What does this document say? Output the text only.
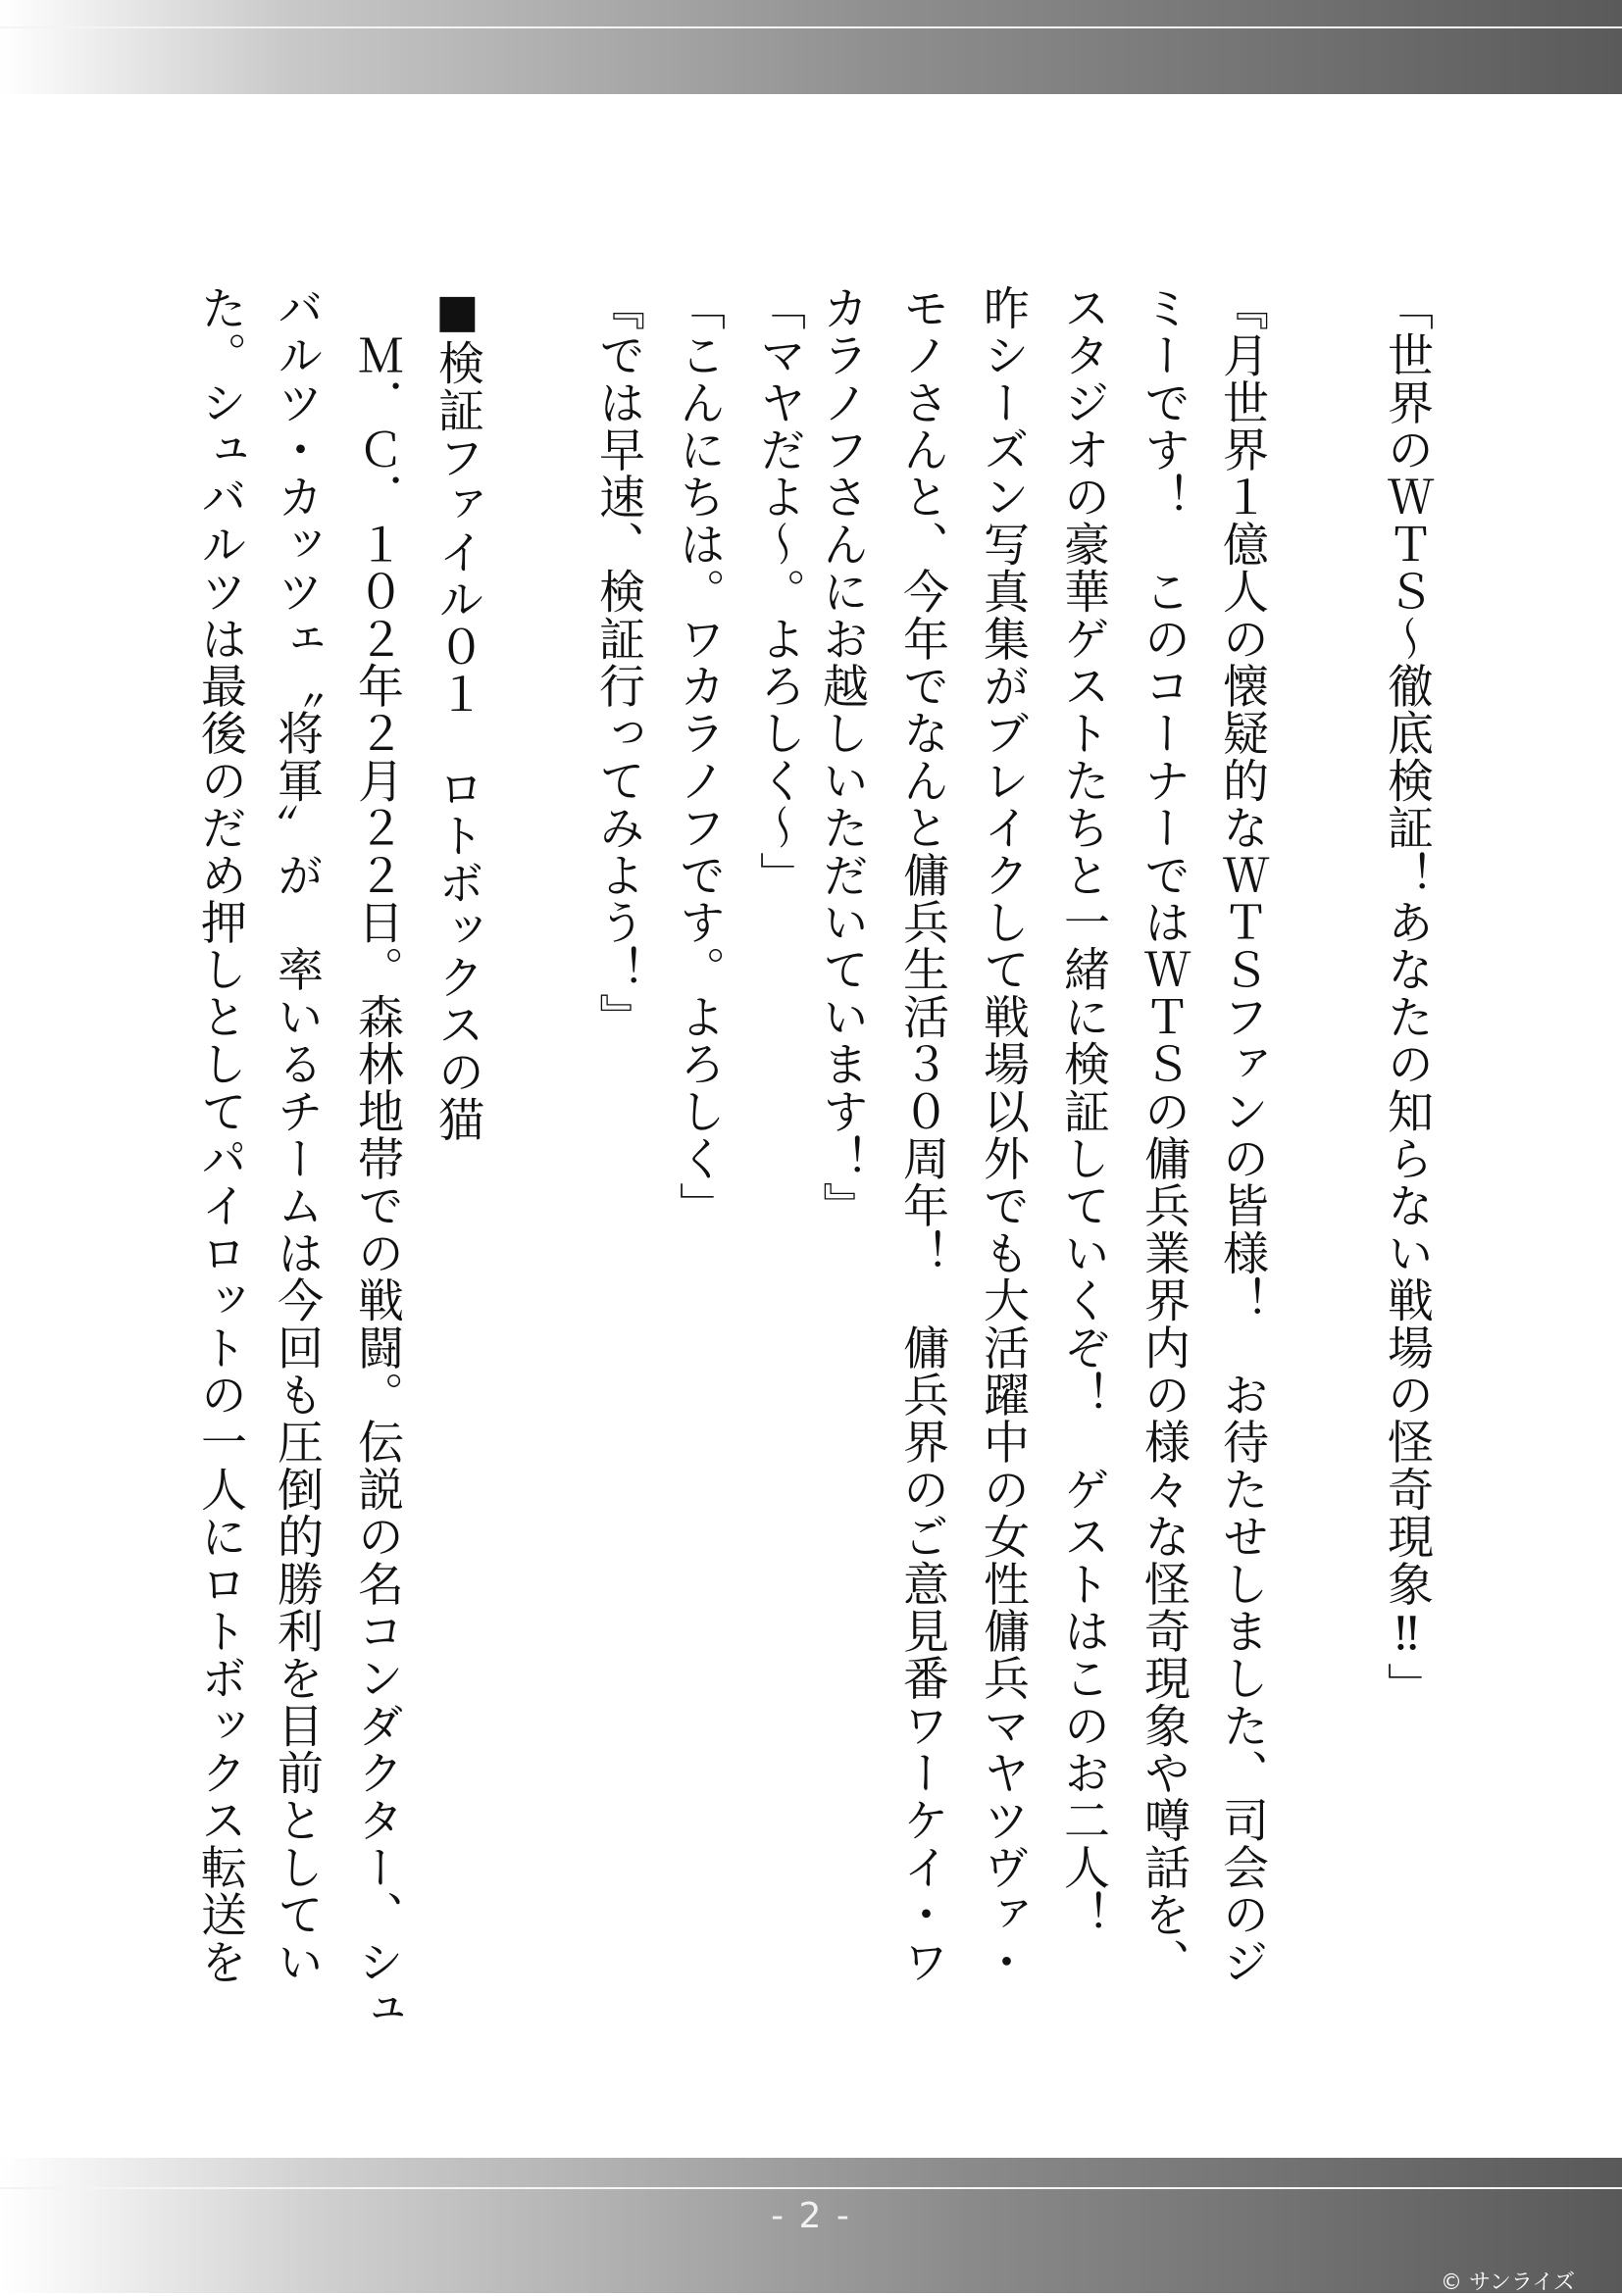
「世界のＷＴＳ〜徹底検証！あなたの知らない戦場の怪奇現象‼」
『月世界１億人の懐疑的なＷＴＳファンの皆様！　お待たせしました、司会のジ
ミーです！　このコーナーではＷＴＳの傭兵業界内の様々な怪奇現象や噂話を、
スタジオの豪華ゲストたちと一緒に検証していくぞ！　ゲストはこのお二人！
昨シーズン写真集がブレイクして戦場以外でも大活躍中の女性傭兵マヤツヴァ・
モノさんと、今年でなんと傭兵生活３０周年！　傭兵界のご意見番ワーケイ・ワ
カラノフさんにお越しいただいています！』
「マヤだよ〜。よろしく〜」
「こんにちは。ワカラノフです。よろしく」
『では早速、検証行ってみよう！』
■検証ファイル０１　ロトボックスの猫
　Ｍ．Ｃ．１０２年２月２２日。森林地帯での戦闘。伝説の名コンダクター、シュ
バルツ・カッツェ〝将軍〟が　率いるチームは今回も圧倒的勝利を目前としてい
た。シュバルツは最後のだめ押しとしてパイロットの一人にロトボックス転送を
- 2 -
© サンライズ
